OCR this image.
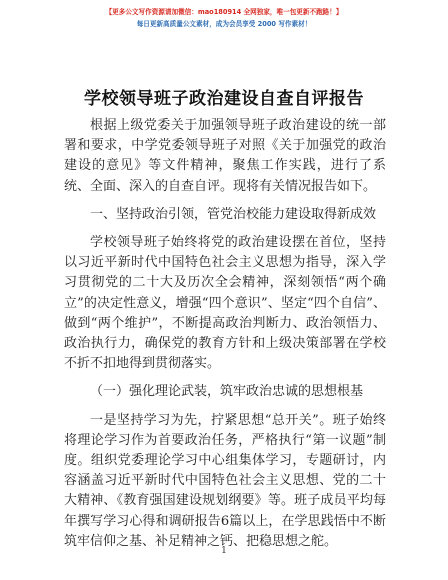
【更多公文写作资源请加微信：mao180914 全网独家，唯一包更新不跑路！】
每日更新高质量公文素材，成为会员享受 2000 写作素材！
学校领导班子政治建设自查自评报告

根据上级党委关于加强领导班子政治建设的统一部署和要求，中学党委领导班子对照《关于加强党的政治建设的意见》等文件精神，聚焦工作实践，进行了系统、全面、深入的自查自评。现将有关情况报告如下。

一、坚持政治引领，管党治校能力建设取得新成效

学校领导班子始终将党的政治建设摆在首位，坚持以习近平新时代中国特色社会主义思想为指导，深入学习贯彻党的二十大及历次全会精神，深刻领悟“两个确立”的决定性意义，增强“四个意识”、坚定“四个自信”、做到“两个维护”，不断提高政治判断力、政治领悟力、政治执行力，确保党的教育方针和上级决策部署在学校不折不扣地得到贯彻落实。

（一）强化理论武装，筑牢政治忠诚的思想根基

一是坚持学习为先，拧紧思想“总开关”。班子始终将理论学习作为首要政治任务，严格执行“第一议题”制度。组织党委理论学习中心组集体学习，专题研讨，内容涵盖习近平新时代中国特色社会主义思想、党的二十大精神、《教育强国建设规划纲要》等。班子成员平均每年撰写学习心得和调研报告6篇以上，在学思践悟中不断筑牢信仰之基、补足精神之钙、把稳思想之舵。

1
